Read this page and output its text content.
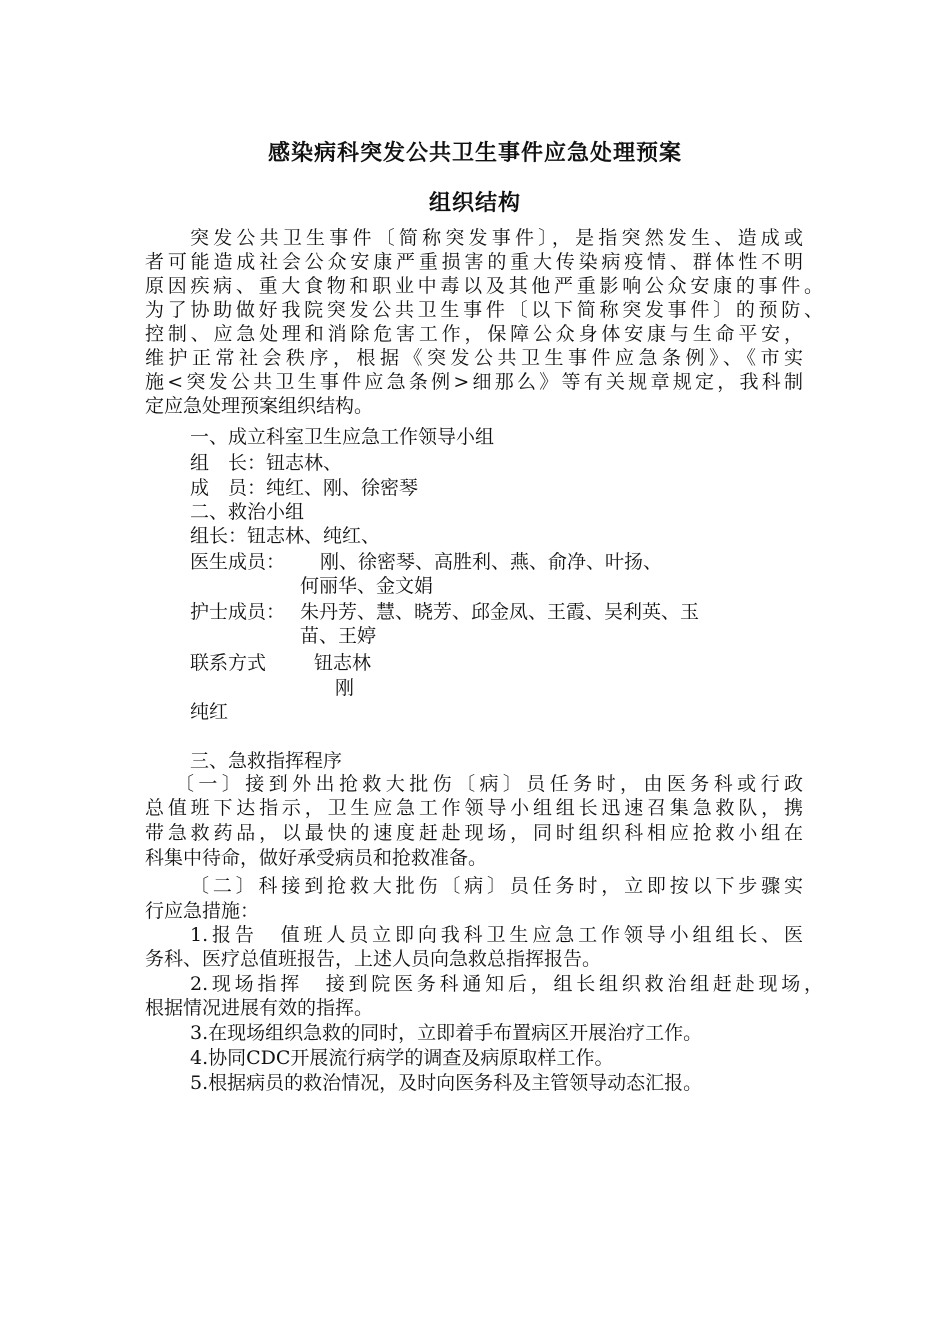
感染病科突发公共卫生事件应急处理预案
组织结构
突发公共卫生事件〔简称突发事件〕，是指突然发生、造成或
者可能造成社会公众安康严重损害的重大传染病疫情、群体性不明
原因疾病、重大食物和职业中毒以及其他严重影响公众安康的事件。
为了协助做好我院突发公共卫生事件〔以下简称突发事件〕的预防、
控制、应急处理和消除危害工作，保障公众身体安康与生命平安，
维护正常社会秩序，根据《突发公共卫生事件应急条例》、《市实
施<突发公共卫生事件应急条例>细那么》等有关规章规定，我科制
定应急处理预案组织结构。
一、成立科室卫生应急工作领导小组
组　长：钮志林、
成　员：纯红、刚、徐密琴
二、救治小组
组长：钮志林、纯红、
医生成员： 刚、徐密琴、高胜利、燕、俞净、叶扬、
何丽华、金文娟
护士成员： 朱丹芳、慧、晓芳、邱金凤、王霞、吴利英、玉
苗、王婷
联系方式	钮志林
刚
纯红
三、急救指挥程序
〔一〕接到外出抢救大批伤〔病〕员任务时，由医务科或行政
总值班下达指示，卫生应急工作领导小组组长迅速召集急救队，携
带急救药品，以最快的速度赶赴现场，同时组织科相应抢救小组在
科集中待命，做好承受病员和抢救准备。
〔二〕科接到抢救大批伤〔病〕员任务时，立即按以下步骤实
行应急措施：
1.报告　值班人员立即向我科卫生应急工作领导小组组长、医
务科、医疗总值班报告，上述人员向急救总指挥报告。
2.现场指挥　接到院医务科通知后，组长组织救治组赶赴现场，
根据情况进展有效的指挥。
3.在现场组织急救的同时，立即着手布置病区开展治疗工作。
4.协同CDC开展流行病学的调查及病原取样工作。
5.根据病员的救治情况，及时向医务科及主管领导动态汇报。
